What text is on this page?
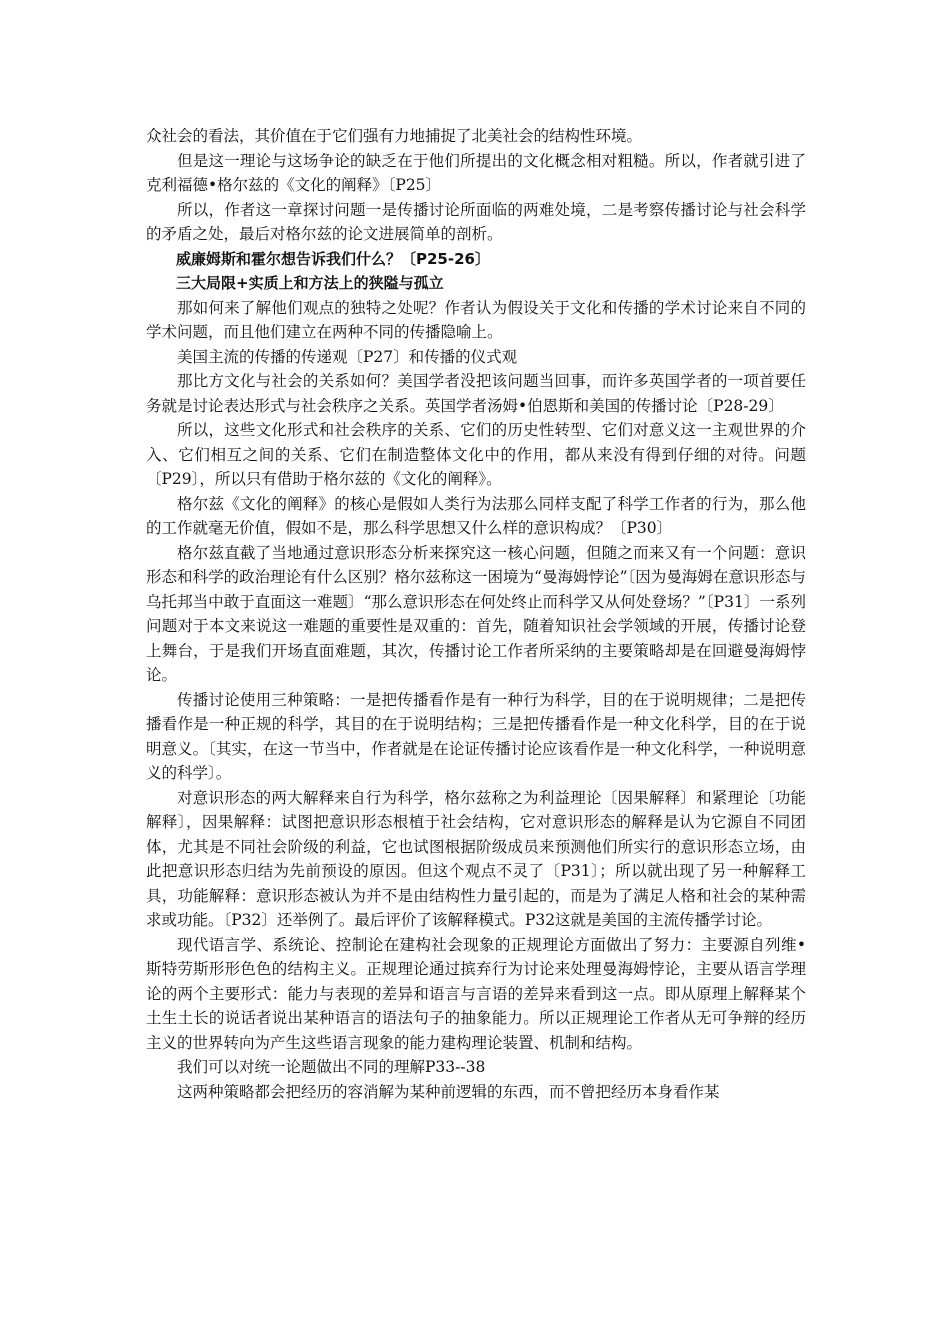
众社会的看法，其价值在于它们强有力地捕捉了北美社会的结构性环境。

但是这一理论与这场争论的缺乏在于他们所提出的文化概念相对粗糙。所以，作者就引进了克利福德•格尔兹的《文化的阐释》〔P25〕

所以，作者这一章探讨问题一是传播讨论所面临的两难处境，二是考察传播讨论与社会科学的矛盾之处，最后对格尔兹的论文进展简单的剖析。

威廉姆斯和霍尔想告诉我们什么？〔P25-26〕

三大局限+实质上和方法上的狭隘与孤立

那如何来了解他们观点的独特之处呢？作者认为假设关于文化和传播的学术讨论来自不同的学术问题，而且他们建立在两种不同的传播隐喻上。

美国主流的传播的传递观〔P27〕和传播的仪式观

那比方文化与社会的关系如何？美国学者没把该问题当回事，而许多英国学者的一项首要任务就是讨论表达形式与社会秩序之关系。英国学者汤姆•伯恩斯和美国的传播讨论〔P28-29〕

所以，这些文化形式和社会秩序的关系、它们的历史性转型、它们对意义这一主观世界的介入、它们相互之间的关系、它们在制造整体文化中的作用，都从来没有得到仔细的对待。问题〔P29〕，所以只有借助于格尔兹的《文化的阐释》。

格尔兹《文化的阐释》的核心是假如人类行为法那么同样支配了科学工作者的行为，那么他的工作就毫无价值，假如不是，那么科学思想又什么样的意识构成？〔P30〕

格尔兹直截了当地通过意识形态分析来探究这一核心问题，但随之而来又有一个问题：意识形态和科学的政治理论有什么区别？格尔兹称这一困境为“曼海姆悖论”〔因为曼海姆在意识形态与乌托邦当中敢于直面这一难题〕“那么意识形态在何处终止而科学又从何处登场？”〔P31〕一系列问题对于本文来说这一难题的重要性是双重的：首先，随着知识社会学领域的开展，传播讨论登上舞台，于是我们开场直面难题，其次，传播讨论工作者所采纳的主要策略却是在回避曼海姆悖论。

传播讨论使用三种策略：一是把传播看作是有一种行为科学，目的在于说明规律；二是把传播看作是一种正规的科学，其目的在于说明结构；三是把传播看作是一种文化科学，目的在于说明意义。〔其实，在这一节当中，作者就是在论证传播讨论应该看作是一种文化科学，一种说明意义的科学〕。

对意识形态的两大解释来自行为科学，格尔兹称之为利益理论〔因果解释〕和紧理论〔功能解释〕，因果解释：试图把意识形态根植于社会结构，它对意识形态的解释是认为它源自不同团体，尤其是不同社会阶级的利益，它也试图根据阶级成员来预测他们所实行的意识形态立场，由此把意识形态归结为先前预设的原因。但这个观点不灵了〔P31〕；所以就出现了另一种解释工具，功能解释：意识形态被认为并不是由结构性力量引起的，而是为了满足人格和社会的某种需求或功能。〔P32〕还举例了。最后评价了该解释模式。P32这就是美国的主流传播学讨论。

现代语言学、系统论、控制论在建构社会现象的正规理论方面做出了努力：主要源自列维•斯特劳斯形形色色的结构主义。正规理论通过摈弃行为讨论来处理曼海姆悖论，主要从语言学理论的两个主要形式：能力与表现的差异和语言与言语的差异来看到这一点。即从原理上解释某个土生土长的说话者说出某种语言的语法句子的抽象能力。所以正规理论工作者从无可争辩的经历主义的世界转向为产生这些语言现象的能力建构理论装置、机制和结构。

我们可以对统一论题做出不同的理解P33--38

这两种策略都会把经历的容消解为某种前逻辑的东西，而不曾把经历本身看作某
